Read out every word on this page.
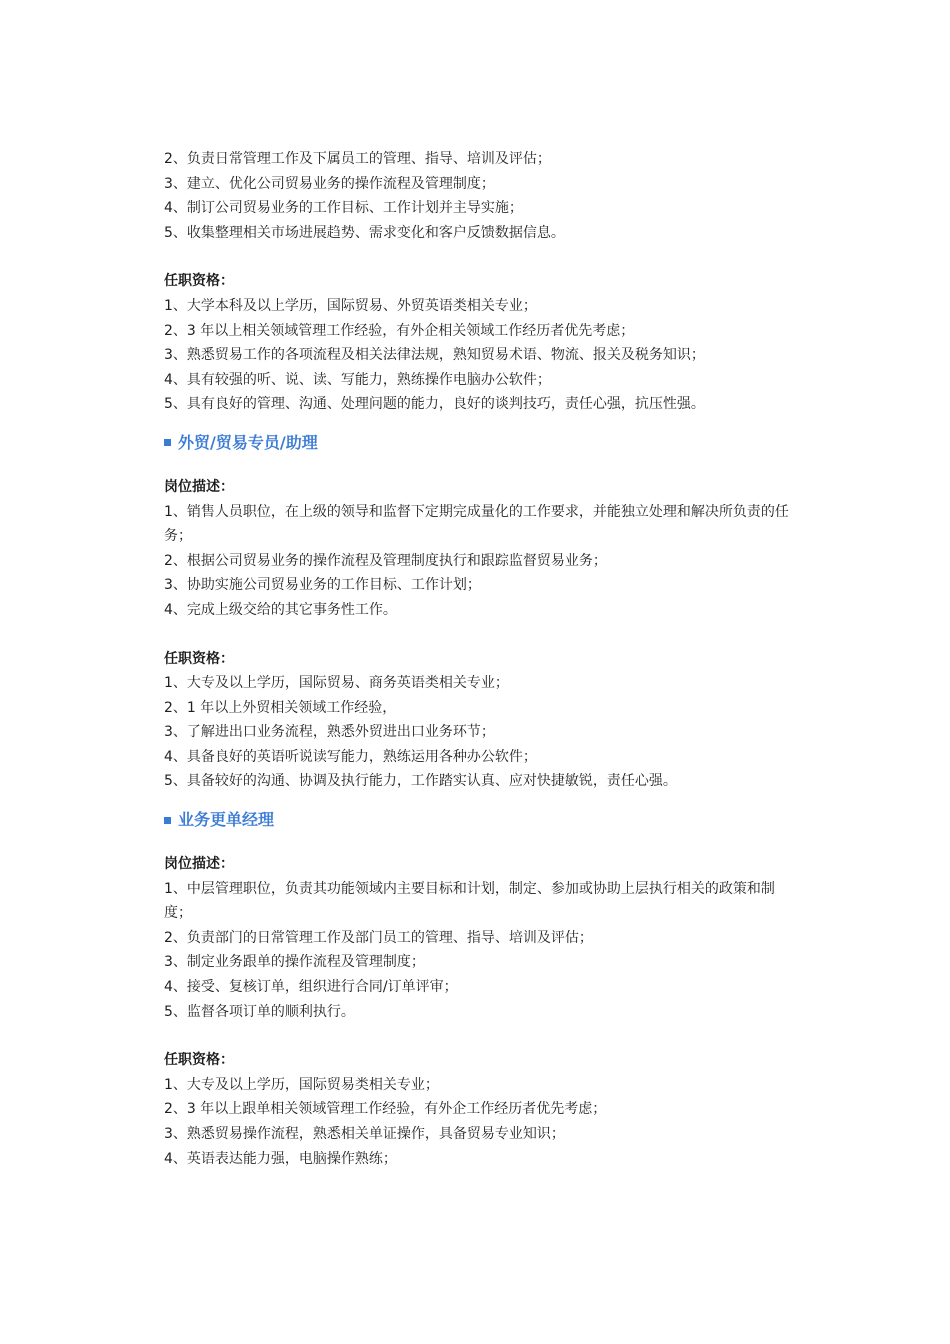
2、负责日常管理工作及下属员工的管理、指导、培训及评估；

3、建立、优化公司贸易业务的操作流程及管理制度；

4、制订公司贸易业务的工作目标、工作计划并主导实施；

5、收集整理相关市场进展趋势、需求变化和客户反馈数据信息。

任职资格：

1、大学本科及以上学历，国际贸易、外贸英语类相关专业；

2、3 年以上相关领域管理工作经验，有外企相关领域工作经历者优先考虑；

3、熟悉贸易工作的各项流程及相关法律法规，熟知贸易术语、物流、报关及税务知识；

4、具有较强的听、说、读、写能力，熟练操作电脑办公软件；

5、具有良好的管理、沟通、处理问题的能力，良好的谈判技巧，责任心强，抗压性强。

外贸/贸易专员/助理

岗位描述：

1、销售人员职位，在上级的领导和监督下定期完成量化的工作要求，并能独立处理和解决所负责的任务；

2、根据公司贸易业务的操作流程及管理制度执行和跟踪监督贸易业务；

3、协助实施公司贸易业务的工作目标、工作计划；

4、完成上级交给的其它事务性工作。

任职资格：

1、大专及以上学历，国际贸易、商务英语类相关专业；

2、1 年以上外贸相关领域工作经验，

3、了解进出口业务流程，熟悉外贸进出口业务环节；

4、具备良好的英语听说读写能力，熟练运用各种办公软件；

5、具备较好的沟通、协调及执行能力，工作踏实认真、应对快捷敏锐，责任心强。

业务更单经理

岗位描述：

1、中层管理职位，负责其功能领域内主要目标和计划，制定、参加或协助上层执行相关的政策和制度；

2、负责部门的日常管理工作及部门员工的管理、指导、培训及评估；

3、制定业务跟单的操作流程及管理制度；

4、接受、复核订单，组织进行合同/订单评审；

5、监督各项订单的顺利执行。

任职资格：

1、大专及以上学历，国际贸易类相关专业；

2、3 年以上跟单相关领域管理工作经验，有外企工作经历者优先考虑；

3、熟悉贸易操作流程，熟悉相关单证操作，具备贸易专业知识；

4、英语表达能力强，电脑操作熟练；
